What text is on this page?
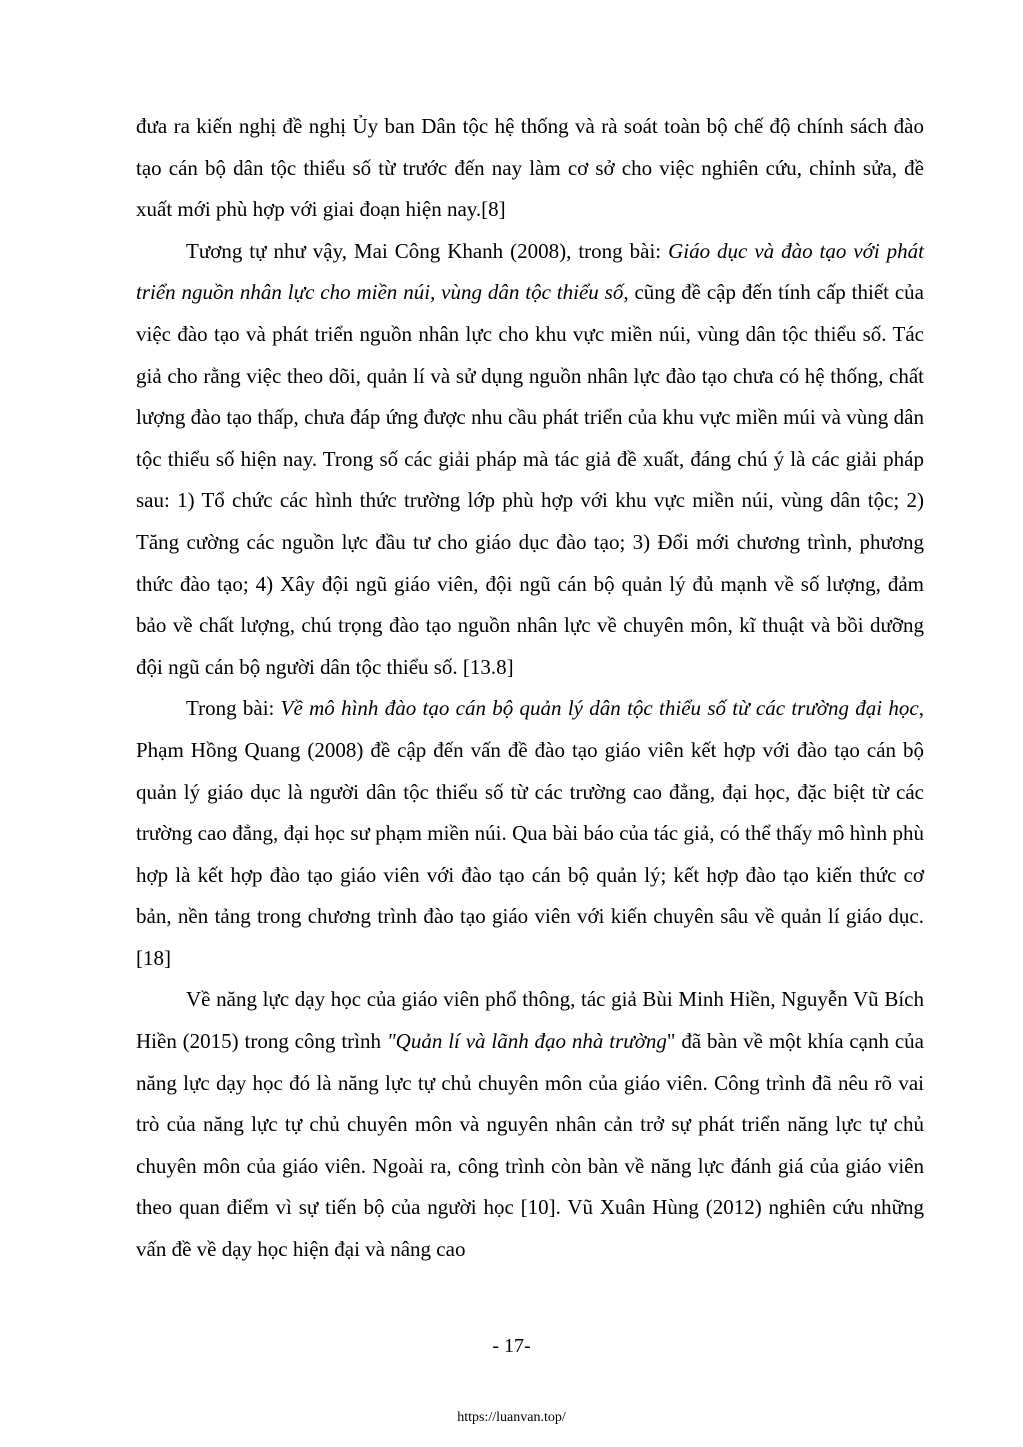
đưa ra kiến nghị đề nghị Ủy ban Dân tộc hệ thống và rà soát toàn bộ chế độ chính sách đào tạo cán bộ dân tộc thiểu số từ trước đến nay làm cơ sở cho việc nghiên cứu, chỉnh sửa, đề xuất mới phù hợp với giai đoạn hiện nay.[8]

Tương tự như vậy, Mai Công Khanh (2008), trong bài: Giáo dục và đào tạo với phát triển nguồn nhân lực cho miền núi, vùng dân tộc thiểu số, cũng đề cập đến tính cấp thiết của việc đào tạo và phát triển nguồn nhân lực cho khu vực miền núi, vùng dân tộc thiểu số. Tác giả cho rằng việc theo dõi, quản lí và sử dụng nguồn nhân lực đào tạo chưa có hệ thống, chất lượng đào tạo thấp, chưa đáp ứng được nhu cầu phát triển của khu vực miền múi và vùng dân tộc thiểu số hiện nay. Trong số các giải pháp mà tác giả đề xuất, đáng chú ý là các giải pháp sau: 1) Tổ chức các hình thức trường lớp phù hợp với khu vực miền núi, vùng dân tộc; 2) Tăng cường các nguồn lực đầu tư cho giáo dục đào tạo; 3) Đổi mới chương trình, phương thức đào tạo; 4) Xây đội ngũ giáo viên, đội ngũ cán bộ quản lý đủ mạnh về số lượng, đảm bảo về chất lượng, chú trọng đào tạo nguồn nhân lực về chuyên môn, kĩ thuật và bồi dưỡng đội ngũ cán bộ người dân tộc thiểu số. [13.8]

Trong bài: Về mô hình đào tạo cán bộ quản lý dân tộc thiểu số từ các trường đại học, Phạm Hồng Quang (2008) đề cập đến vấn đề đào tạo giáo viên kết hợp với đào tạo cán bộ quản lý giáo dục là người dân tộc thiểu số từ các trường cao đẳng, đại học, đặc biệt từ các trường cao đẳng, đại học sư phạm miền núi. Qua bài báo của tác giả, có thể thấy mô hình phù hợp là kết hợp đào tạo giáo viên với đào tạo cán bộ quản lý; kết hợp đào tạo kiến thức cơ bản, nền tảng trong chương trình đào tạo giáo viên với kiến chuyên sâu về quản lí giáo dục. [18]

Về năng lực dạy học của giáo viên phổ thông, tác giả Bùi Minh Hiền, Nguyễn Vũ Bích Hiền (2015) trong công trình "Quản lí và lãnh đạo nhà trường" đã bàn về một khía cạnh của năng lực dạy học đó là năng lực tự chủ chuyên môn của giáo viên. Công trình đã nêu rõ vai trò của năng lực tự chủ chuyên môn và nguyên nhân cản trở sự phát triển năng lực tự chủ chuyên môn của giáo viên. Ngoài ra, công trình còn bàn về năng lực đánh giá của giáo viên theo quan điểm vì sự tiến bộ của người học [10]. Vũ Xuân Hùng (2012) nghiên cứu những vấn đề về dạy học hiện đại và nâng cao

- 17-
https://luanvan.top/
